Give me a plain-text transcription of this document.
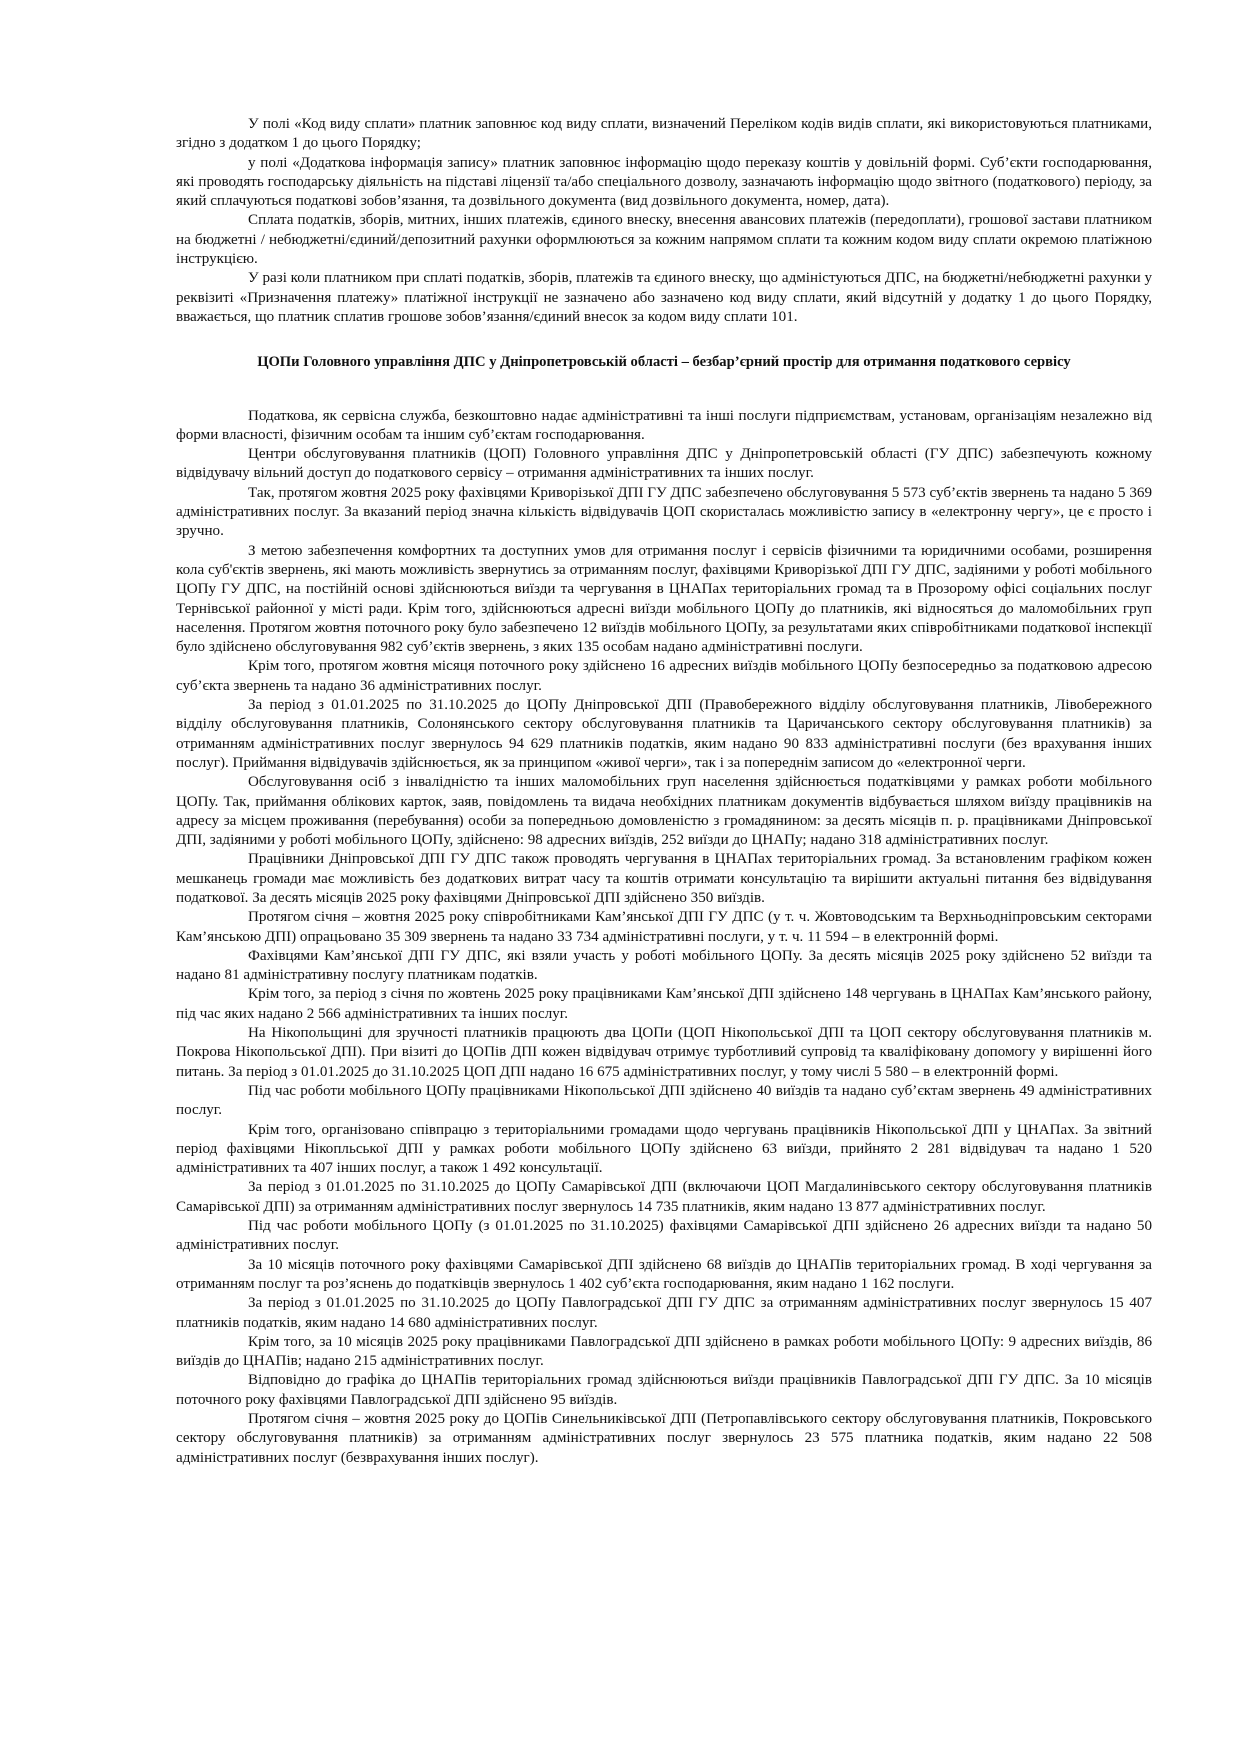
У полі «Код виду сплати» платник заповнює код виду сплати, визначений Переліком кодів видів сплати, які використовуються платниками, згідно з додатком 1 до цього Порядку;

у полі «Додаткова інформація запису» платник заповнює інформацію щодо переказу коштів у довільній формі. Суб’єкти господарювання, які проводять господарську діяльність на підставі ліцензії та/або спеціального дозволу, зазначають інформацію щодо звітного (податкового) періоду, за який сплачуються податкові зобов’язання, та дозвільного документа (вид дозвільного документа, номер, дата).

Сплата податків, зборів, митних, інших платежів, єдиного внеску, внесення авансових платежів (передоплати), грошової застави платником на бюджетні / небюджетні/єдиний/депозитний рахунки оформлюються за кожним напрямом сплати та кожним кодом виду сплати окремою платіжною інструкцією.

У разі коли платником при сплаті податків, зборів, платежів та єдиного внеску, що адміністуються ДПС, на бюджетні/небюджетні рахунки у реквізиті «Призначення платежу» платіжної інструкції не зазначено або зазначено код виду сплати, який відсутній у додатку 1 до цього Порядку, вважається, що платник сплатив грошове зобов’язання/єдиний внесок за кодом виду сплати 101.

ЦОПи Головного управління ДПС у Дніпропетровській області – безбар’єрний простір для отримання податкового сервісу

Податкова, як сервісна служба, безкоштовно надає адміністративні та інші послуги підприємствам, установам, організаціям незалежно від форми власності, фізичним особам та іншим суб’єктам господарювання.

Центри обслуговування платників (ЦОП) Головного управління ДПС у Дніпропетровській області (ГУ ДПС) забезпечують кожному відвідувачу вільний доступ до податкового сервісу – отримання адміністративних та інших послуг.

Так, протягом жовтня 2025 року фахівцями Криворізької ДПІ ГУ ДПС забезпечено обслуговування 5 573 суб’єктів звернень та надано 5 369 адміністративних послуг. За вказаний період значна кількість відвідувачів ЦОП скористалась можливістю запису в «електронну чергу», це є просто і зручно.

З метою забезпечення комфортних та доступних умов для отримання послуг і сервісів фізичними та юридичними особами, розширення кола суб'єктів звернень, які мають можливість звернутись за отриманням послуг, фахівцями Криворізької ДПІ ГУ ДПС, задіяними у роботі мобільного ЦОПу ГУ ДПС, на постійній основі здійснюються виїзди та чергування в ЦНАПах територіальних громад та в Прозорому офісі соціальних послуг Тернівської районної у місті ради. Крім того, здійснюються адресні виїзди мобільного ЦОПу до платників, які відносяться до маломобільних груп населення. Протягом жовтня поточного року було забезпечено 12 виїздів мобільного ЦОПу, за результатами яких співробітниками податкової інспекції було здійснено обслуговування 982 суб’єктів звернень, з яких 135 особам надано адміністративні послуги.

Крім того, протягом жовтня місяця поточного року здійснено 16 адресних виїздів мобільного ЦОПу безпосередньо за податковою адресою суб’єкта звернень та надано 36 адміністративних послуг.

За період з 01.01.2025 по 31.10.2025 до ЦОПу Дніпровської ДПІ (Правобережного відділу обслуговування платників, Лівобережного відділу обслуговування платників, Солонянського сектору обслуговування платників та Царичанського сектору обслуговування платників) за отриманням адміністративних послуг звернулось 94 629 платників податків, яким надано 90 833 адміністративні послуги (без врахування інших послуг). Приймання відвідувачів здійснюється, як за принципом «живої черги», так і за попереднім записом до «електронної черги.

Обслуговування осіб з інвалідністю та інших маломобільних груп населення здійснюється податківцями у рамках роботи мобільного ЦОПу. Так, приймання облікових карток, заяв, повідомлень та видача необхідних платникам документів відбувається шляхом виїзду працівників на адресу за місцем проживання (перебування) особи за попередньою домовленістю з громадянином: за десять місяців п. р. працівниками Дніпровської ДПІ, задіяними у роботі мобільного ЦОПу, здійснено: 98 адресних виїздів, 252 виїзди до ЦНАПу; надано 318 адміністративних послуг.

Працівники Дніпровської ДПІ ГУ ДПС також проводять чергування в ЦНАПах територіальних громад. За встановленим графіком кожен мешканець громади має можливість без додаткових витрат часу та коштів отримати консультацію та вирішити актуальні питання без відвідування податкової. За десять місяців 2025 року фахівцями Дніпровської ДПІ здійснено 350 виїздів.

Протягом січня – жовтня 2025 року співробітниками Кам’янської ДПІ ГУ ДПС (у т. ч. Жовтоводським та Верхньодніпровським секторами Кам’янською ДПІ) опрацьовано 35 309 звернень та надано 33 734 адміністративні послуги, у т. ч. 11 594 – в електронній формі.

Фахівцями Кам’янської ДПІ ГУ ДПС, які взяли участь у роботі мобільного ЦОПу. За десять місяців 2025 року здійснено 52 виїзди та надано 81 адміністративну послугу платникам податків.

Крім того, за період з січня по жовтень 2025 року працівниками Кам’янської ДПІ здійснено 148 чергувань в ЦНАПах Кам’янського району, під час яких надано 2 566 адміністративних та інших послуг.

На Нікопольщині для зручності платників працюють два ЦОПи (ЦОП Нікопольської ДПІ та ЦОП сектору обслуговування платників м. Покрова Нікопольської ДПІ). При візиті до ЦОПів ДПІ кожен відвідувач отримує турботливий супровід та кваліфіковану допомогу у вирішенні його питань. За період з 01.01.2025 до 31.10.2025 ЦОП ДПІ надано 16 675 адміністративних послуг, у тому числі 5 580 – в електронній формі.

Під час роботи мобільного ЦОПу працівниками Нікопольської ДПІ здійснено 40 виїздів та надано суб’єктам звернень 49 адміністративних послуг.

Крім того, організовано співпрацю з територіальними громадами щодо чергувань працівників Нікопольської ДПІ у ЦНАПах. За звітний період фахівцями Нікопльської ДПІ у рамках роботи мобільного ЦОПу здійснено 63 виїзди, прийнято 2 281 відвідувач та надано 1 520 адміністративних та 407 інших послуг, а також 1 492 консультації.

За період з 01.01.2025 по 31.10.2025 до ЦОПу Самарівської ДПІ (включаючи ЦОП Магдалинівського сектору обслуговування платників Самарівської ДПІ) за отриманням адміністративних послуг звернулось 14 735 платників, яким надано 13 877 адміністративних послуг.

Під час роботи мобільного ЦОПу (з 01.01.2025 по 31.10.2025) фахівцями Самарівської ДПІ здійснено 26 адресних виїзди та надано 50 адміністративних послуг.

За 10 місяців поточного року фахівцями Самарівської ДПІ здійснено 68 виїздів до ЦНАПів територіальних громад. В ході чергування за отриманням послуг та роз’яснень до податківців звернулось 1 402 суб’єкта господарювання, яким надано 1 162 послуги.

За період з 01.01.2025 по 31.10.2025 до ЦОПу Павлоградської ДПІ ГУ ДПС за отриманням адміністративних послуг звернулось 15 407 платників податків, яким надано 14 680 адміністративних послуг.

Крім того, за 10 місяців 2025 року працівниками Павлоградської ДПІ здійснено в рамках роботи мобільного ЦОПу: 9 адресних виїздів, 86 виїздів до ЦНАПів; надано 215 адміністративних послуг.

Відповідно до графіка до ЦНАПів територіальних громад здійснюються виїзди працівників Павлоградської ДПІ ГУ ДПС. За 10 місяців поточного року фахівцями Павлоградської ДПІ здійснено 95 виїздів.

Протягом січня – жовтня 2025 року до ЦОПів Синельниківської ДПІ (Петропавлівського сектору обслуговування платників, Покровського сектору обслуговування платників) за отриманням адміністративних послуг звернулось 23 575 платника податків, яким надано 22 508 адміністративних послуг (безврахування інших послуг).
